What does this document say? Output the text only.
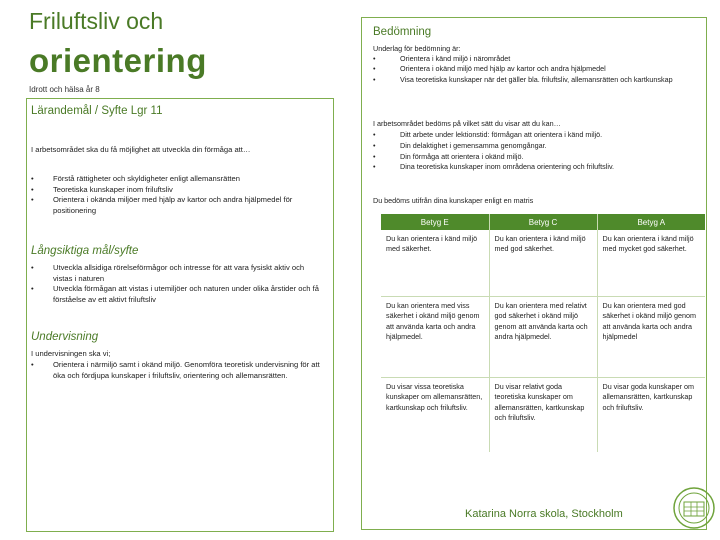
Friluftsliv och
orientering
Idrott och hälsa år 8
Lärandemål / Syfte Lgr 11
I arbetsområdet ska du få möjlighet att utveckla din förmåga att…
•	Förstå rättigheter och skyldigheter enligt allemansrätten
•	Teoretiska kunskaper inom friluftsliv
•	Orientera i okända miljöer med hjälp av kartor och andra hjälpmedel för positionering
Långsiktiga mål/syfte
•	Utveckla allsidiga rörelseförmågor och intresse för att vara fysiskt aktiv och vistas i naturen
•	Utveckla förmågan att vistas i utemiljöer och naturen under olika årstider och få förståelse av ett aktivt friluftsliv
Undervisning
I undervisningen ska vi;
•	Orientera i närmiljö samt i okänd miljö. Genomföra teoretisk undervisning för att öka och fördjupa kunskaper i friluftsliv, orientering och allemansrätten.
Bedömning
Underlag för bedömning är:
•	Orientera i känd miljö i närområdet
•	Orientera i okänd miljö med hjälp av kartor och andra hjälpmedel
•	Visa teoretiska kunskaper när det gäller bla. friluftsliv, allemansrätten och kartkunskap
I arbetsområdet bedöms på vilket sätt du visar att du kan…
•	Ditt arbete under lektionstid: förmågan att orientera i känd miljö.
•	Din delaktighet i gemensamma genomgångar.
•	Din förmåga att orientera i okänd miljö.
•	Dina teoretiska kunskaper inom områdena orientering och friluftsliv.
Du bedöms utifrån dina kunskaper enligt en matris
Betyg E	Betyg C	Betyg A
Du kan orientera i känd miljö med säkerhet.	Du kan orientera i känd miljö med god säkerhet.	Du kan orientera i känd miljö med mycket god säkerhet.
Du kan orientera med viss säkerhet i okänd miljö genom att använda karta och andra hjälpmedel.	Du kan orientera med relativt god säkerhet i okänd miljö genom att använda karta och andra hjälpmedel.	Du kan orientera med god säkerhet i okänd miljö genom att använda karta och andra hjälpmedel
Du visar vissa teoretiska kunskaper om allemansrätten, kartkunskap och friluftsliv.	Du visar relativt goda teoretiska kunskaper om allemansrätten, kartkunskap och friluftsliv.	Du visar goda kunskaper om allemansrätten, kartkunskap och friluftsliv.
Katarina Norra skola, Stockholm
